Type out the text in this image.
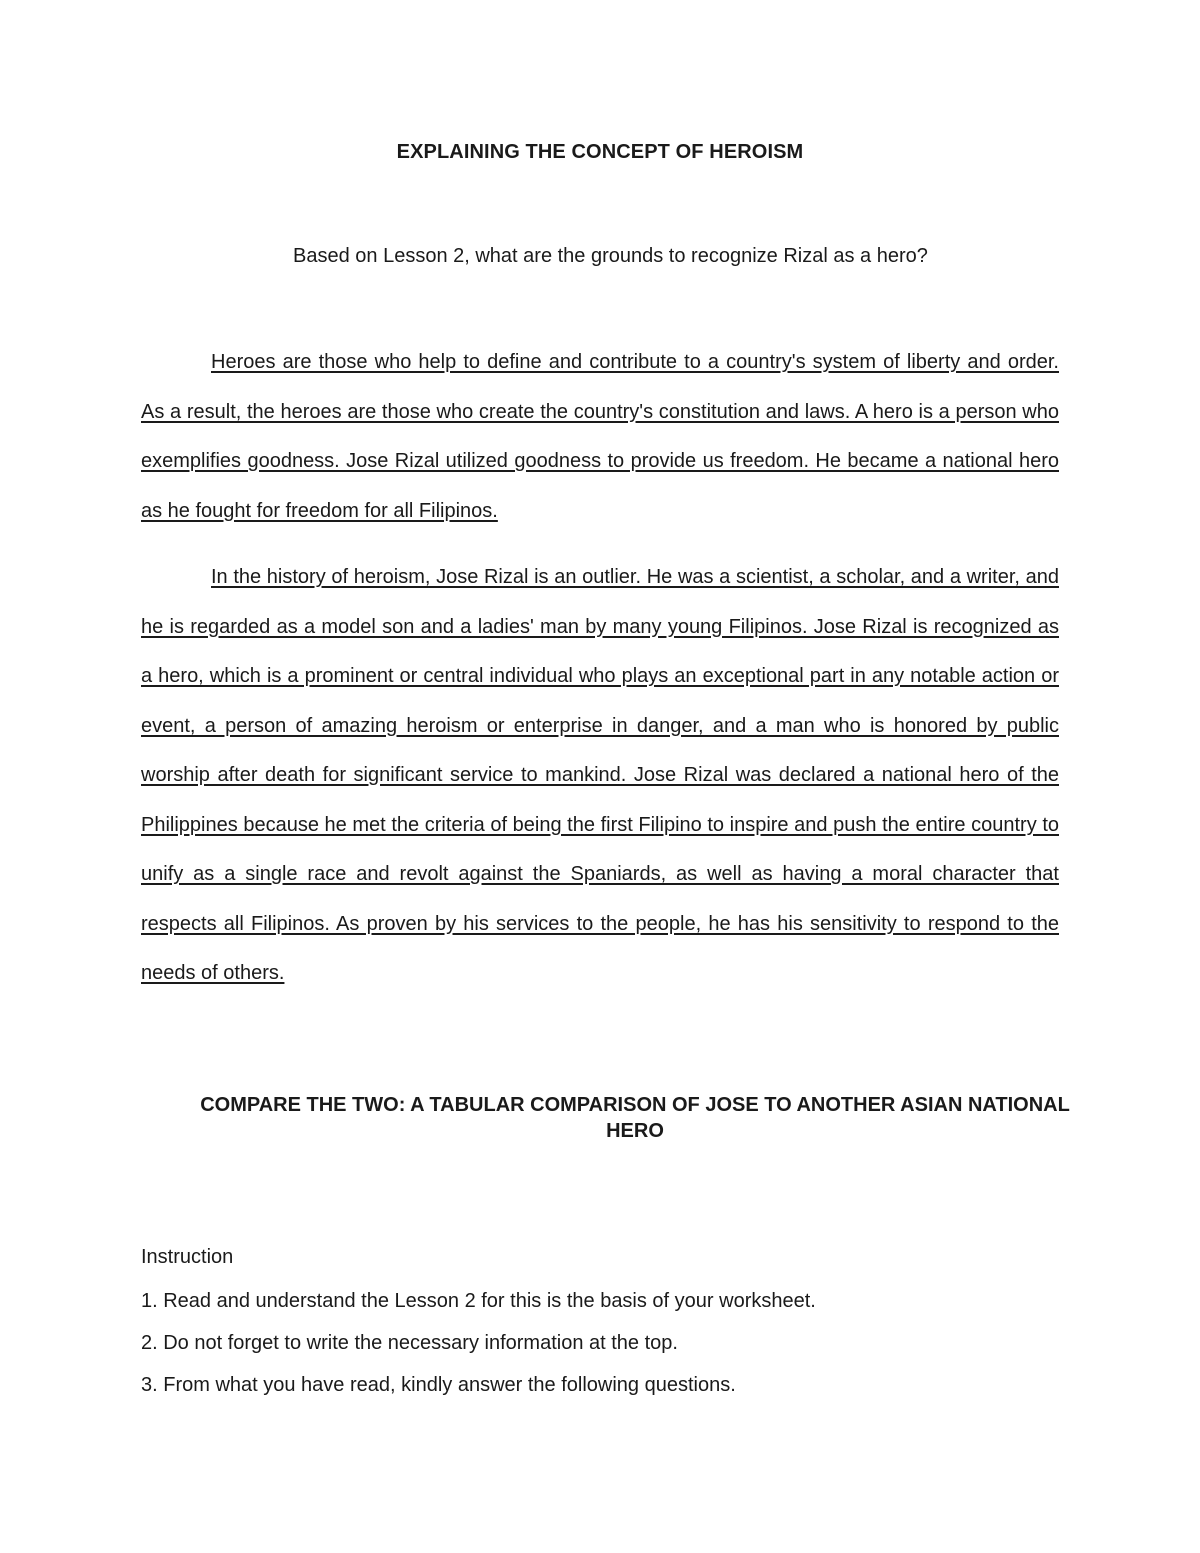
EXPLAINING THE CONCEPT OF HEROISM

Based on Lesson 2, what are the grounds to recognize Rizal as a hero?

Heroes are those who help to define and contribute to a country's system of liberty and order. As a result, the heroes are those who create the country's constitution and laws. A hero is a person who exemplifies goodness. Jose Rizal utilized goodness to provide us freedom. He became a national hero as he fought for freedom for all Filipinos.

In the history of heroism, Jose Rizal is an outlier. He was a scientist, a scholar, and a writer, and he is regarded as a model son and a ladies' man by many young Filipinos. Jose Rizal is recognized as a hero, which is a prominent or central individual who plays an exceptional part in any notable action or event, a person of amazing heroism or enterprise in danger, and a man who is honored by public worship after death for significant service to mankind. Jose Rizal was declared a national hero of the Philippines because he met the criteria of being the first Filipino to inspire and push the entire country to unify as a single race and revolt against the Spaniards, as well as having a moral character that respects all Filipinos. As proven by his services to the people, he has his sensitivity to respond to the needs of others.

COMPARE THE TWO: A TABULAR COMPARISON OF JOSE TO ANOTHER ASIAN NATIONAL HERO

Instruction

1. Read and understand the Lesson 2 for this is the basis of your worksheet.
2. Do not forget to write the necessary information at the top.
3. From what you have read, kindly answer the following questions.
